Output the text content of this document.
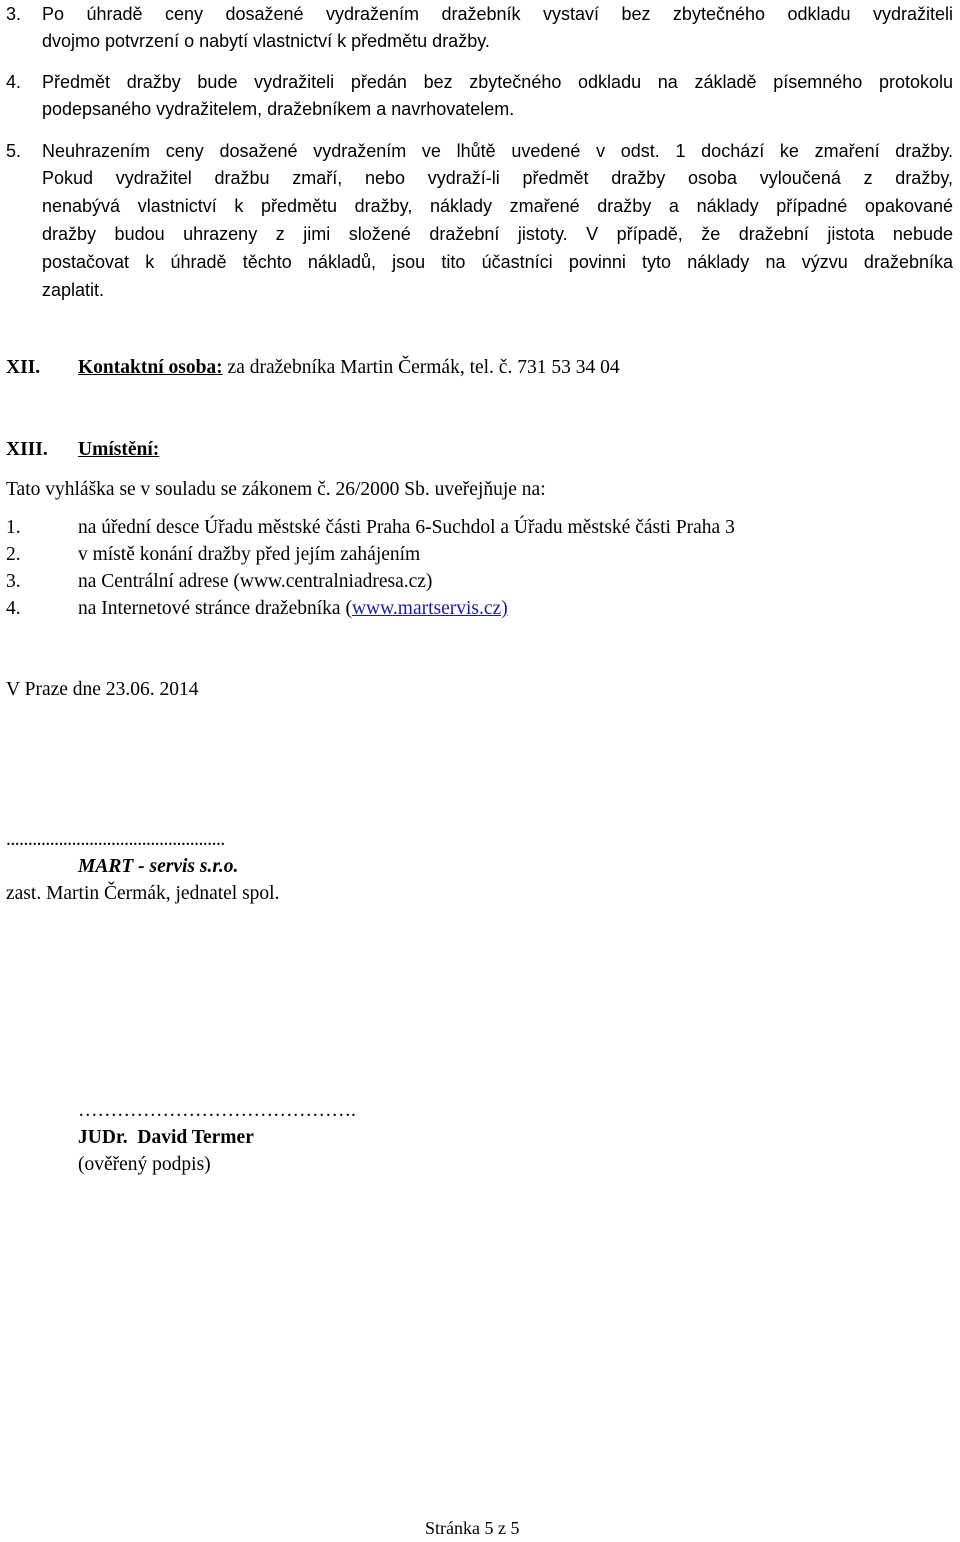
3. Po úhradě ceny dosažené vydražením dražebník vystaví bez zbytečného odkladu vydražiteli
dvojmo potvrzení o nabytí vlastnictví k předmětu dražby.
4. Předmět dražby bude vydražiteli předán bez zbytečného odkladu na základě písemného protokolu
podepsaného vydražitelem, dražebníkem a navrhovatelem.
5. Neuhrazením ceny dosažené vydražením ve lhůtě uvedené v odst. 1 dochází ke zmaření dražby.
Pokud vydražitel dražbu zmaří, nebo vydraží-li předmět dražby osoba vyloučená z dražby,
nenabývá vlastnictví k předmětu dražby, náklady zmařené dražby a náklady případné opakované
dražby budou uhrazeny z jimi složené dražební jistoty. V případě, že dražební jistota nebude
postačovat k úhradě těchto nákladů, jsou tito účastníci povinni tyto náklady na výzvu dražebníka
zaplatit.
XII. Kontaktní osoba: za dražebníka Martin Čermák, tel. č. 731 53 34 04
XIII. Umístění:
Tato vyhláška se v souladu se zákonem č. 26/2000 Sb. uveřejňuje na:
1.	na úřední desce Úřadu městské části Praha 6-Suchdol a Úřadu městské části Praha 3
2.	v místě konání dražby před jejím zahájením
3.	na Centrální adrese (www.centralniadresa.cz)
4.	na Internetové stránce dražebníka (www.martservis.cz)
V Praze dne 23.06. 2014
..................................................
MART - servis s.r.o.
zast. Martin Čermák, jednatel spol.
…………………………………….
JUDr. David Termer
(ověřený podpis)
Stránka 5 z 5
